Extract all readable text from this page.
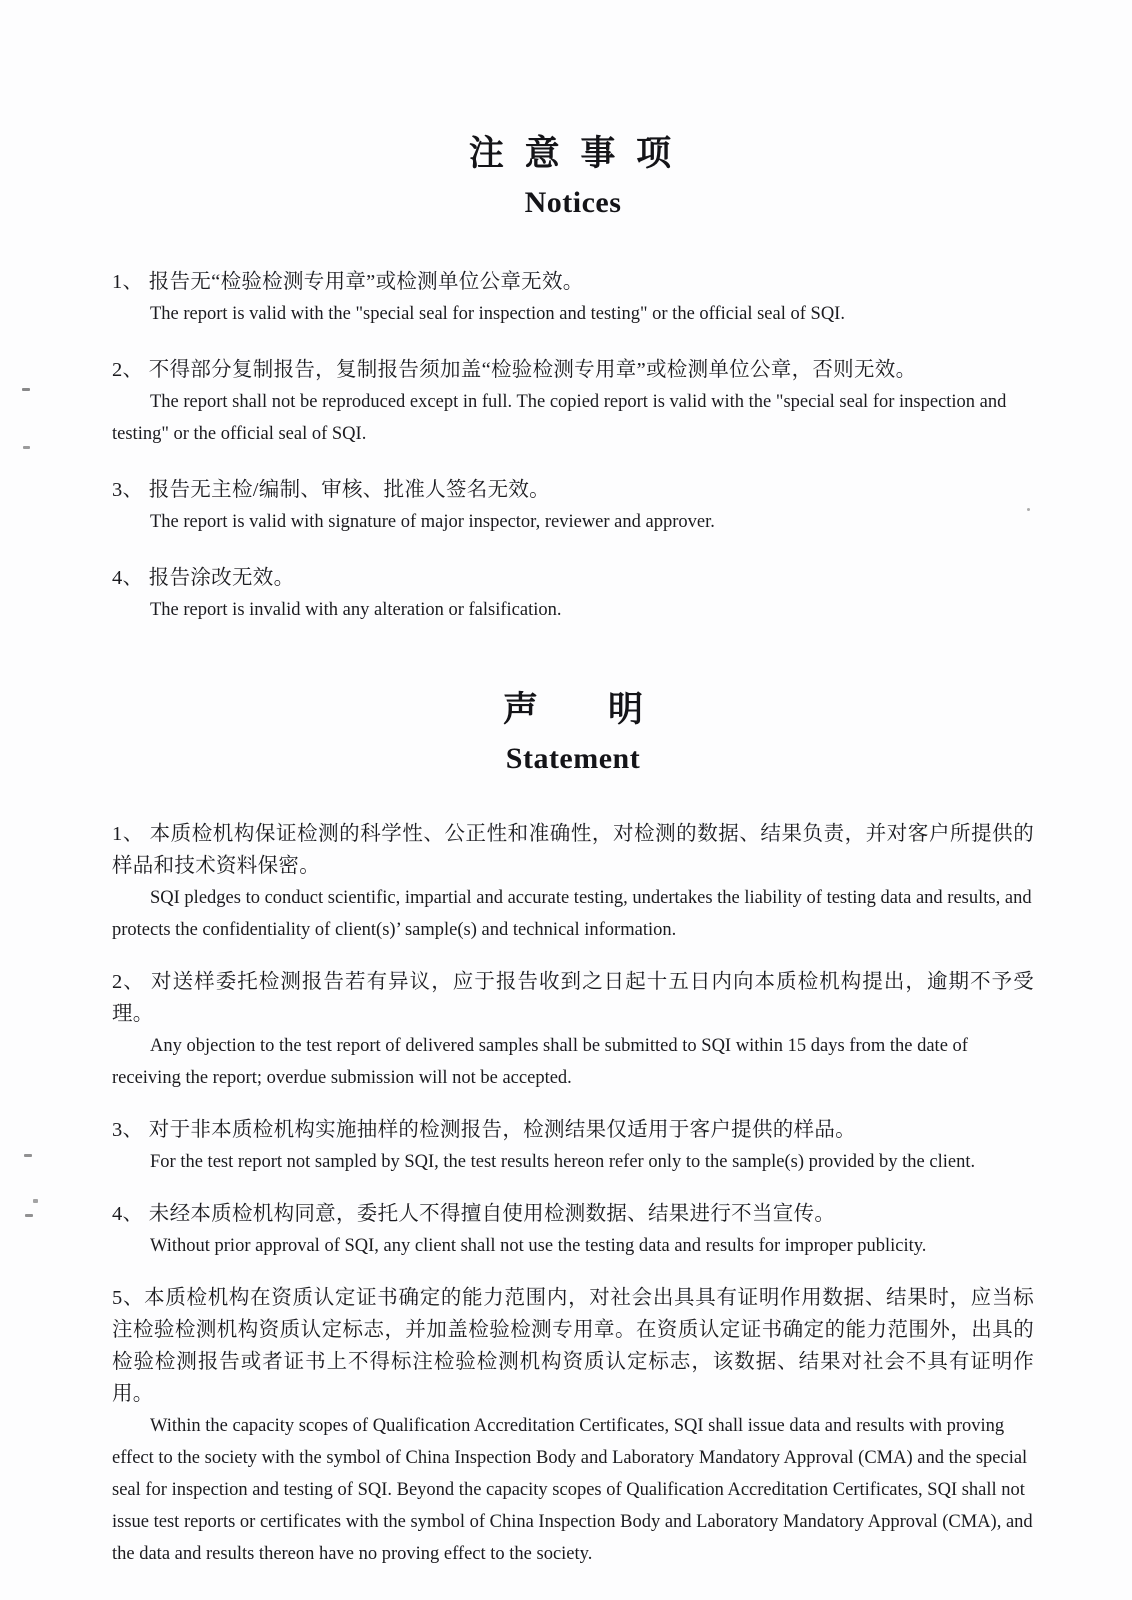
注 意 事 项
Notices

1、 报告无“检验检测专用章”或检测单位公章无效。

The report is valid with the "special seal for inspection and testing" or the official seal of SQI.

2、 不得部分复制报告，复制报告须加盖“检验检测专用章”或检测单位公章，否则无效。

The report shall not be reproduced except in full. The copied report is valid with the "special seal for inspection and testing" or the official seal of SQI.

3、 报告无主检/编制、审核、批准人签名无效。

The report is valid with signature of major inspector, reviewer and approver.

4、 报告涂改无效。

The report is invalid with any alteration or falsification.

声　　明
Statement

1、 本质检机构保证检测的科学性、公正性和准确性，对检测的数据、结果负责，并对客户所提供的样品和技术资料保密。

SQI pledges to conduct scientific, impartial and accurate testing, undertakes the liability of testing data and results, and protects the confidentiality of client(s)’ sample(s) and technical information.

2、 对送样委托检测报告若有异议，应于报告收到之日起十五日内向本质检机构提出，逾期不予受理。

Any objection to the test report of delivered samples shall be submitted to SQI within 15 days from the date of receiving the report; overdue submission will not be accepted.

3、 对于非本质检机构实施抽样的检测报告，检测结果仅适用于客户提供的样品。

For the test report not sampled by SQI, the test results hereon refer only to the sample(s) provided by the client.

4、 未经本质检机构同意，委托人不得擅自使用检测数据、结果进行不当宣传。

Without prior approval of SQI, any client shall not use the testing data and results for improper publicity.

5、本质检机构在资质认定证书确定的能力范围内，对社会出具具有证明作用数据、结果时，应当标注检验检测机构资质认定标志，并加盖检验检测专用章。在资质认定证书确定的能力范围外，出具的检验检测报告或者证书上不得标注检验检测机构资质认定标志，该数据、结果对社会不具有证明作用。

Within the capacity scopes of Qualification Accreditation Certificates, SQI shall issue data and results with proving effect to the society with the symbol of China Inspection Body and Laboratory Mandatory Approval (CMA) and the special seal for inspection and testing of SQI. Beyond the capacity scopes of Qualification Accreditation Certificates, SQI shall not issue test reports or certificates with the symbol of China Inspection Body and Laboratory Mandatory Approval (CMA), and the data and results thereon have no proving effect to the society.
